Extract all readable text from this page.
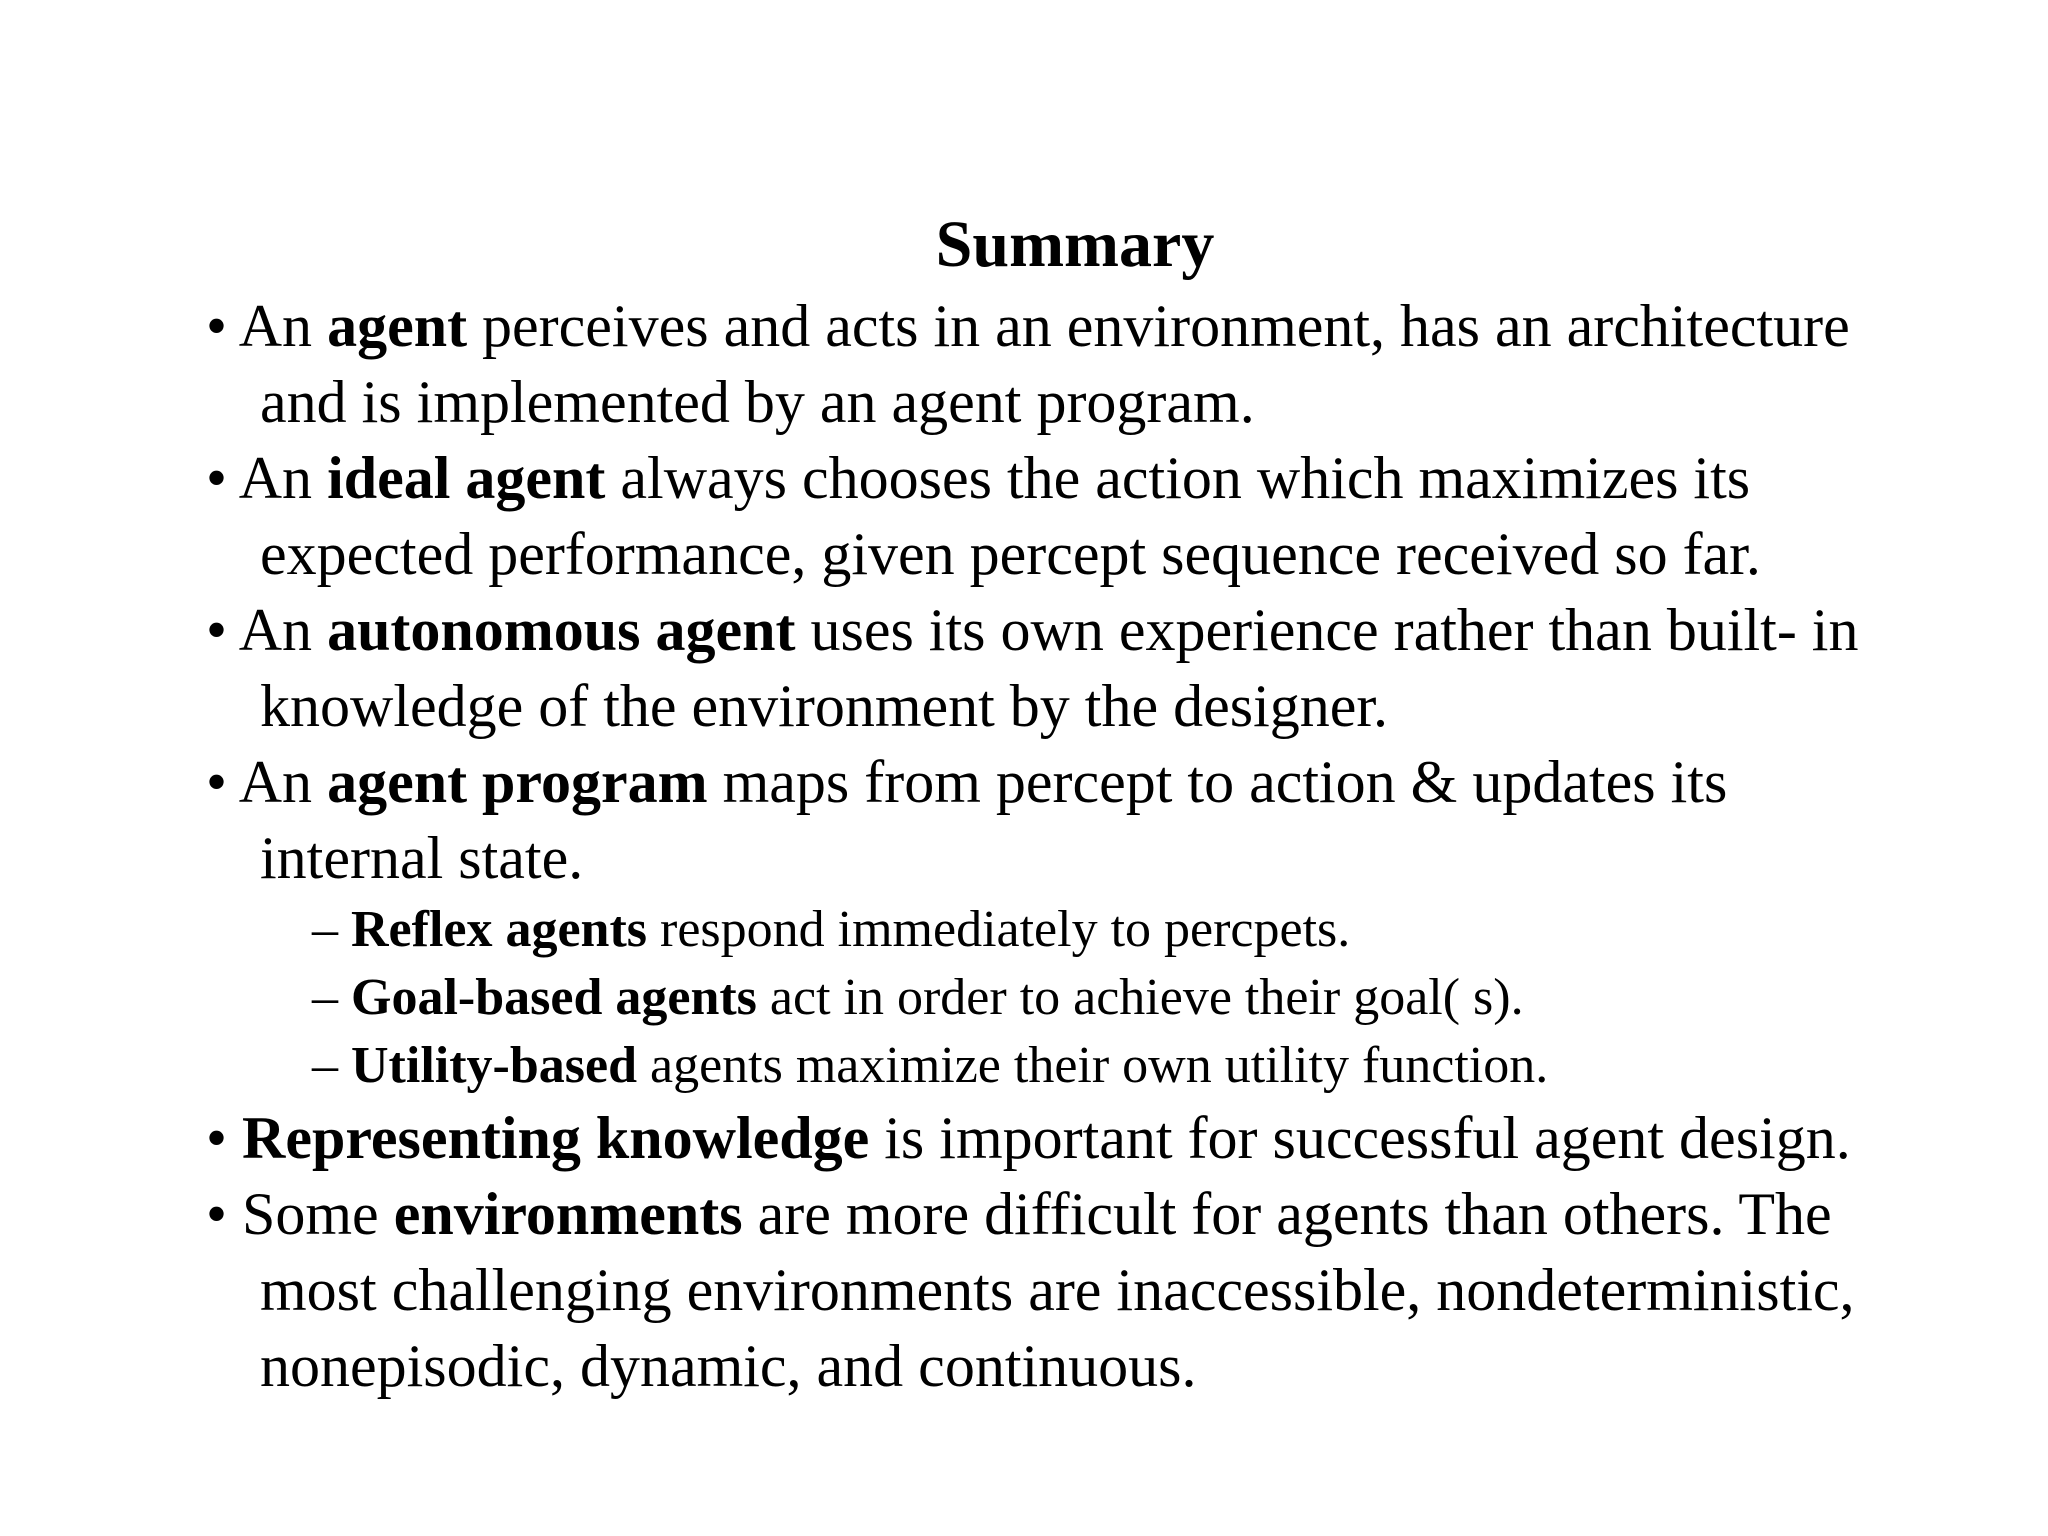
Summary
• An agent perceives and acts in an environment, has an architecture
and is implemented by an agent program.
• An ideal agent always chooses the action which maximizes its
expected performance, given percept sequence received so far.
• An autonomous agent uses its own experience rather than built- in
knowledge of the environment by the designer.
• An agent program maps from percept to action & updates its
internal state.
– Reflex agents respond immediately to percpets.
– Goal-based agents act in order to achieve their goal( s).
– Utility-based agents maximize their own utility function.
• Representing knowledge is important for successful agent design.
• Some environments are more difficult for agents than others. The
most challenging environments are inaccessible, nondeterministic,
nonepisodic, dynamic, and continuous.
